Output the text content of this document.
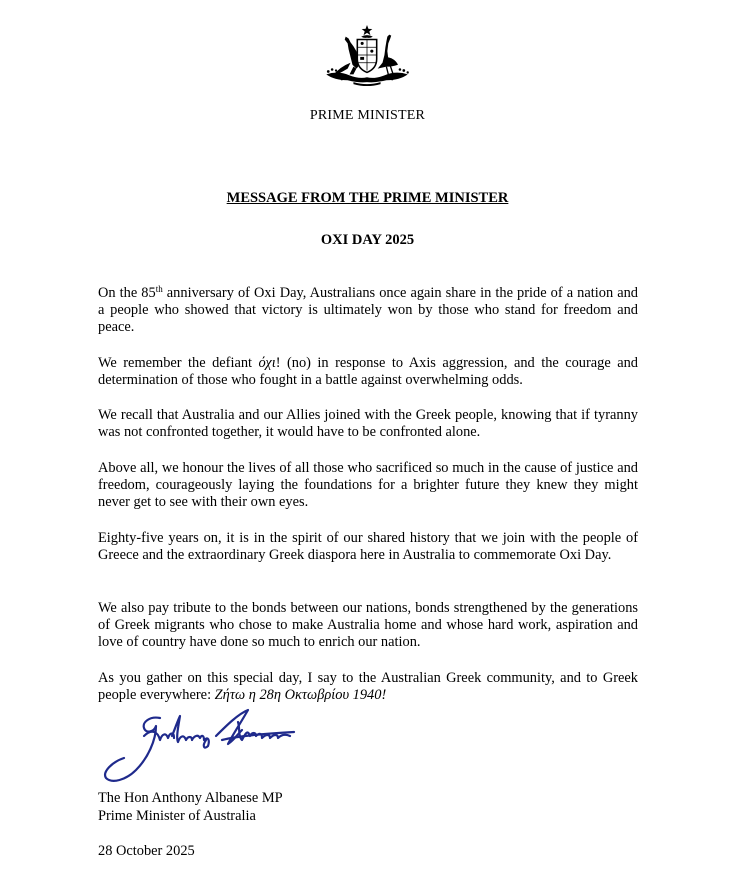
PRIME MINISTER
MESSAGE FROM THE PRIME MINISTER
OXI DAY 2025

On the 85th anniversary of Oxi Day, Australians once again share in the pride of a nation and a people who showed that victory is ultimately won by those who stand for freedom and peace.

We remember the defiant όχι! (no) in response to Axis aggression, and the courage and determination of those who fought in a battle against overwhelming odds.

We recall that Australia and our Allies joined with the Greek people, knowing that if tyranny was not confronted together, it would have to be confronted alone.

Above all, we honour the lives of all those who sacrificed so much in the cause of justice and freedom, courageously laying the foundations for a brighter future they knew they might never get to see with their own eyes.

Eighty-five years on, it is in the spirit of our shared history that we join with the people of Greece and the extraordinary Greek diaspora here in Australia to commemorate Oxi Day.

We also pay tribute to the bonds between our nations, bonds strengthened by the generations of Greek migrants who chose to make Australia home and whose hard work, aspiration and love of country have done so much to enrich our nation.

As you gather on this special day, I say to the Australian Greek community, and to Greek people everywhere: Ζήτω η 28η Οκτωβρίου 1940!

The Hon Anthony Albanese MP
Prime Minister of Australia
28 October 2025
